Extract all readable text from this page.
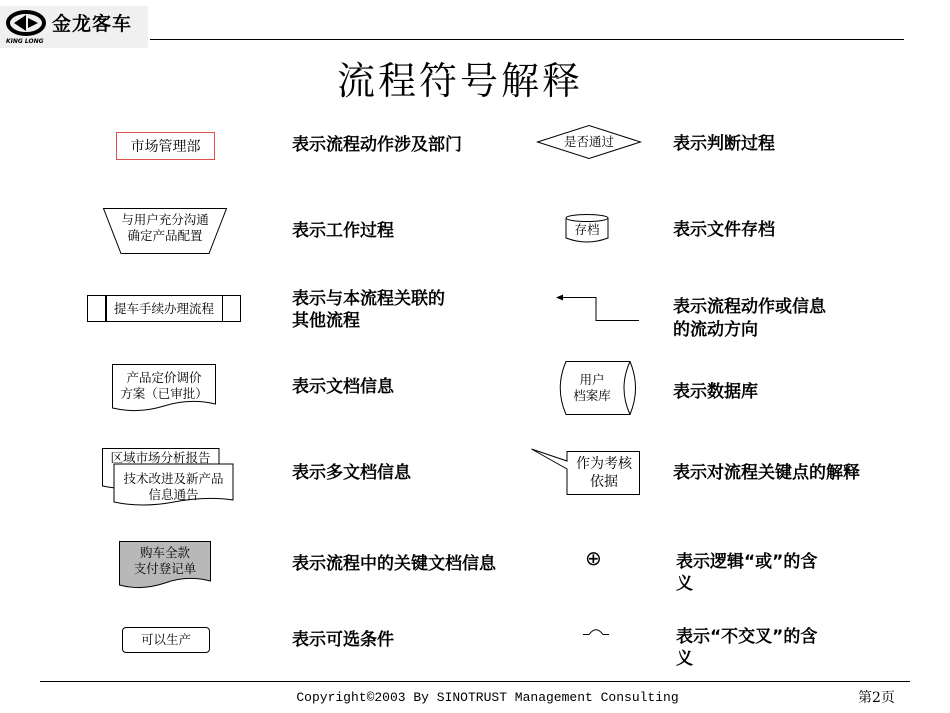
金龙客车
KING LONG
流程符号解释
市场管理部	表示流程动作涉及部门
与用户充分沟通
确定产品配置	表示工作过程
提车手续办理流程	表示与本流程关联的
其他流程
产品定价调价
方案（已审批）	表示文档信息
区域市场分析报告
技术改进及新产品
信息通告
表示多文档信息
购车全款
支付登记单	表示流程中的关键文档信息
可以生产	表示可选条件
是否通过	表示判断过程
存档	表示文件存档
表示流程动作或信息
的流动方向
用户
档案库	表示数据库
作为考核
依据	表示对流程关键点的解释
⊕	表示逻辑“或”的含
义
表示“不交叉”的含
义
Copyright©2003 By SINOTRUST Management Consulting	第2页
